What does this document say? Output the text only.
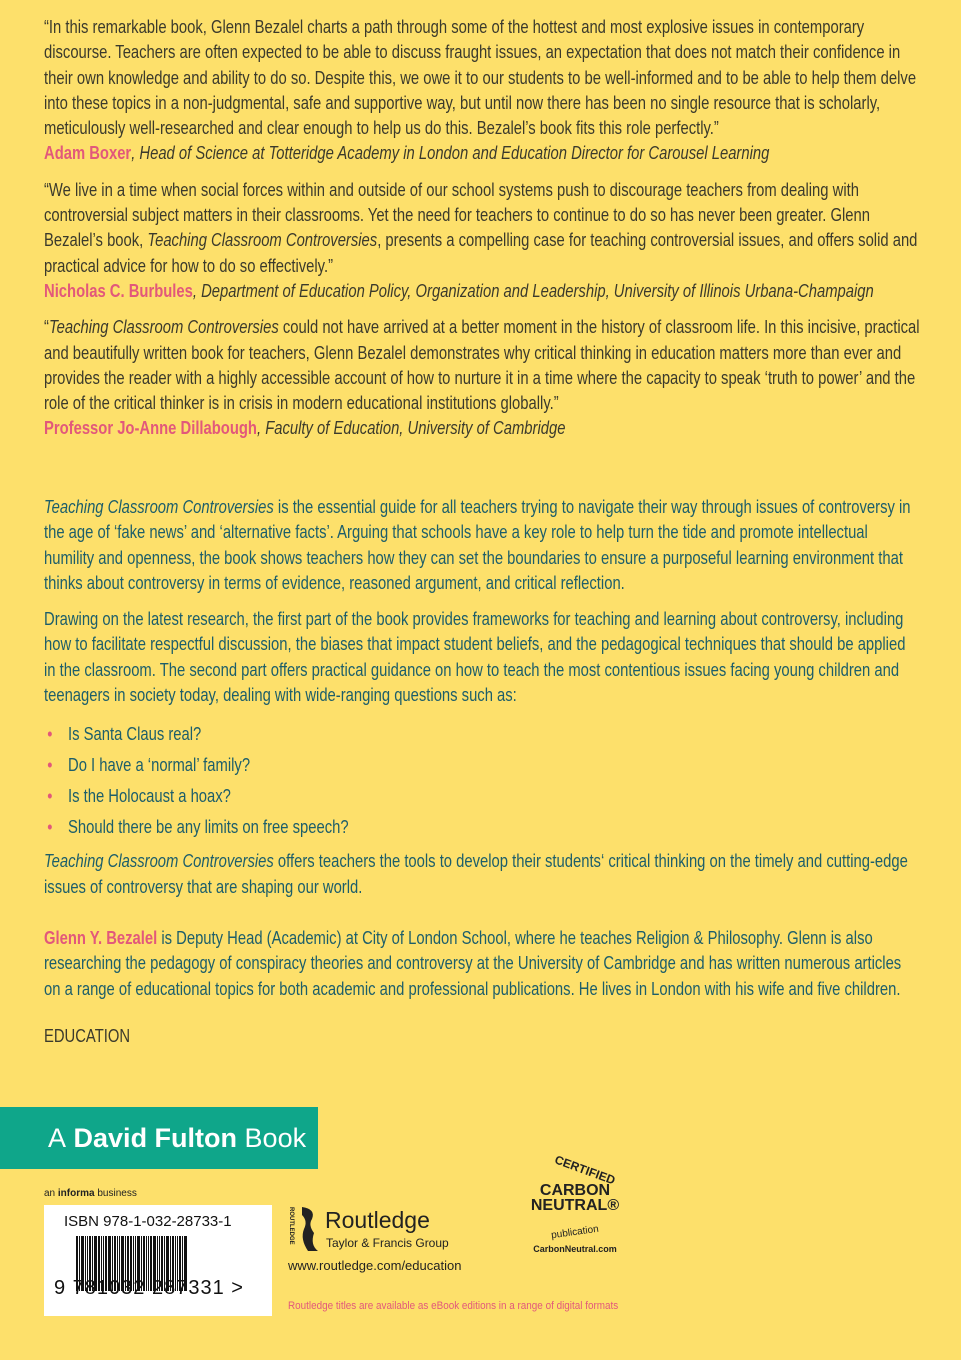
“In this remarkable book, Glenn Bezalel charts a path through some of the hottest and most explosive issues in contemporary discourse. Teachers are often expected to be able to discuss fraught issues, an expectation that does not match their confidence in their own knowledge and ability to do so. Despite this, we owe it to our students to be well-informed and to be able to help them delve into these topics in a non-judgmental, safe and supportive way, but until now there has been no single resource that is scholarly, meticulously well-researched and clear enough to help us do this. Bezalel’s book fits this role perfectly.”
Adam Boxer, Head of Science at Totteridge Academy in London and Education Director for Carousel Learning

“We live in a time when social forces within and outside of our school systems push to discourage teachers from dealing with controversial subject matters in their classrooms. Yet the need for teachers to continue to do so has never been greater. Glenn Bezalel’s book, Teaching Classroom Controversies, presents a compelling case for teaching controversial issues, and offers solid and practical advice for how to do so effectively.”
Nicholas C. Burbules, Department of Education Policy, Organization and Leadership, University of Illinois Urbana-Champaign

“Teaching Classroom Controversies could not have arrived at a better moment in the history of classroom life. In this incisive, practical and beautifully written book for teachers, Glenn Bezalel demonstrates why critical thinking in education matters more than ever and provides the reader with a highly accessible account of how to nurture it in a time where the capacity to speak ‘truth to power’ and the role of the critical thinker is in crisis in modern educational institutions globally.”
Professor Jo-Anne Dillabough, Faculty of Education, University of Cambridge

Teaching Classroom Controversies is the essential guide for all teachers trying to navigate their way through issues of controversy in the age of ‘fake news’ and ‘alternative facts’. Arguing that schools have a key role to help turn the tide and promote intellectual humility and openness, the book shows teachers how they can set the boundaries to ensure a purposeful learning environment that thinks about controversy in terms of evidence, reasoned argument, and critical reflection.

Drawing on the latest research, the first part of the book provides frameworks for teaching and learning about controversy, including how to facilitate respectful discussion, the biases that impact student beliefs, and the pedagogical techniques that should be applied in the classroom. The second part offers practical guidance on how to teach the most contentious issues facing young children and teenagers in society today, dealing with wide-ranging questions such as:

• Is Santa Claus real?
• Do I have a ‘normal’ family?
• Is the Holocaust a hoax?
• Should there be any limits on free speech?

Teaching Classroom Controversies offers teachers the tools to develop their students‘ critical thinking on the timely and cutting-edge issues of controversy that are shaping our world.

Glenn Y. Bezalel is Deputy Head (Academic) at City of London School, where he teaches Religion & Philosophy. Glenn is also researching the pedagogy of conspiracy theories and controversy at the University of Cambridge and has written numerous articles on a range of educational topics for both academic and professional publications. He lives in London with his wife and five children.

EDUCATION

A David Fulton Book
an informa business
ISBN 978-1-032-28733-1
9 781032 287331 >
ROUTLEDGE Routledge
Taylor & Francis Group
www.routledge.com/education
Routledge titles are available as eBook editions in a range of digital formats
CERTIFIED
CARBON
NEUTRAL®
publication
CarbonNeutral.com
